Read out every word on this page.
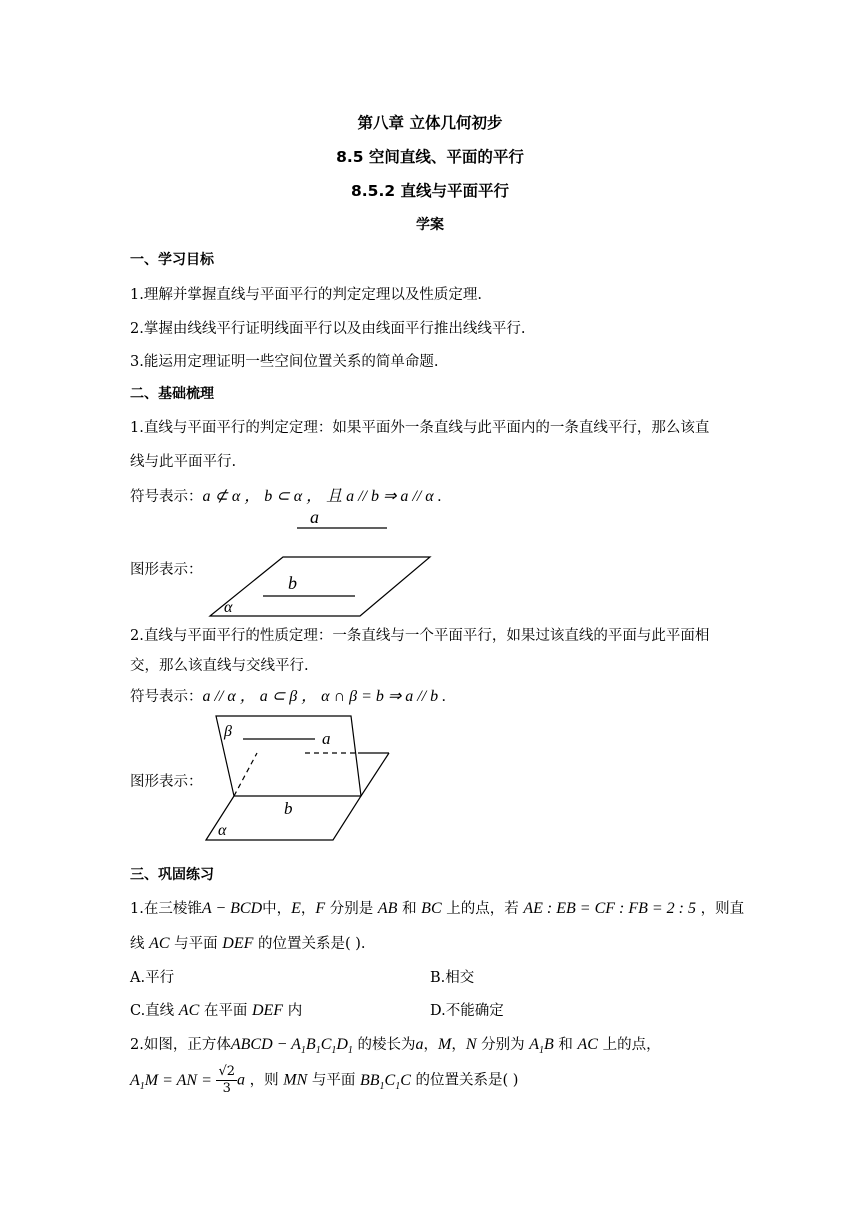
第八章 立体几何初步
8.5 空间直线、平面的平行
8.5.2 直线与平面平行
学案
一、学习目标
1.理解并掌握直线与平面平行的判定定理以及性质定理.
2.掌握由线线平行证明线面平行以及由线面平行推出线线平行.
3.能运用定理证明一些空间位置关系的简单命题.
二、基础梳理
1.直线与平面平行的判定定理：如果平面外一条直线与此平面内的一条直线平行，那么该直
线与此平面平行.
符号表示：a ⊄ α ， b ⊂ α ， 且 a // b ⇒ a // α .
图形表示：
a
b
α
2.直线与平面平行的性质定理：一条直线与一个平面平行，如果过该直线的平面与此平面相
交，那么该直线与交线平行.
符号表示：a // α ， a ⊂ β ， α ∩ β = b ⇒ a // b .
图形表示：
a
β
b
α
三、巩固练习
1.在三棱锥A − BCD中，E，F 分别是 AB 和 BC 上的点，若 AE : EB = CF : FB = 2 : 5 ，则直
线 AC 与平面 DEF 的位置关系是( ).
A.平行	B.相交
C.直线 AC 在平面 DEF 内	D.不能确定
2.如图，正方体ABCD − $A_1B_1C_1D_1$ 的棱长为a，M，N 分别为 $A_1B$ 和 AC 上的点，
$A_1M$ = AN = $\frac{√2}{3}$ a ，则 MN 与平面 $BB_1C_1C$ 的位置关系是( )
